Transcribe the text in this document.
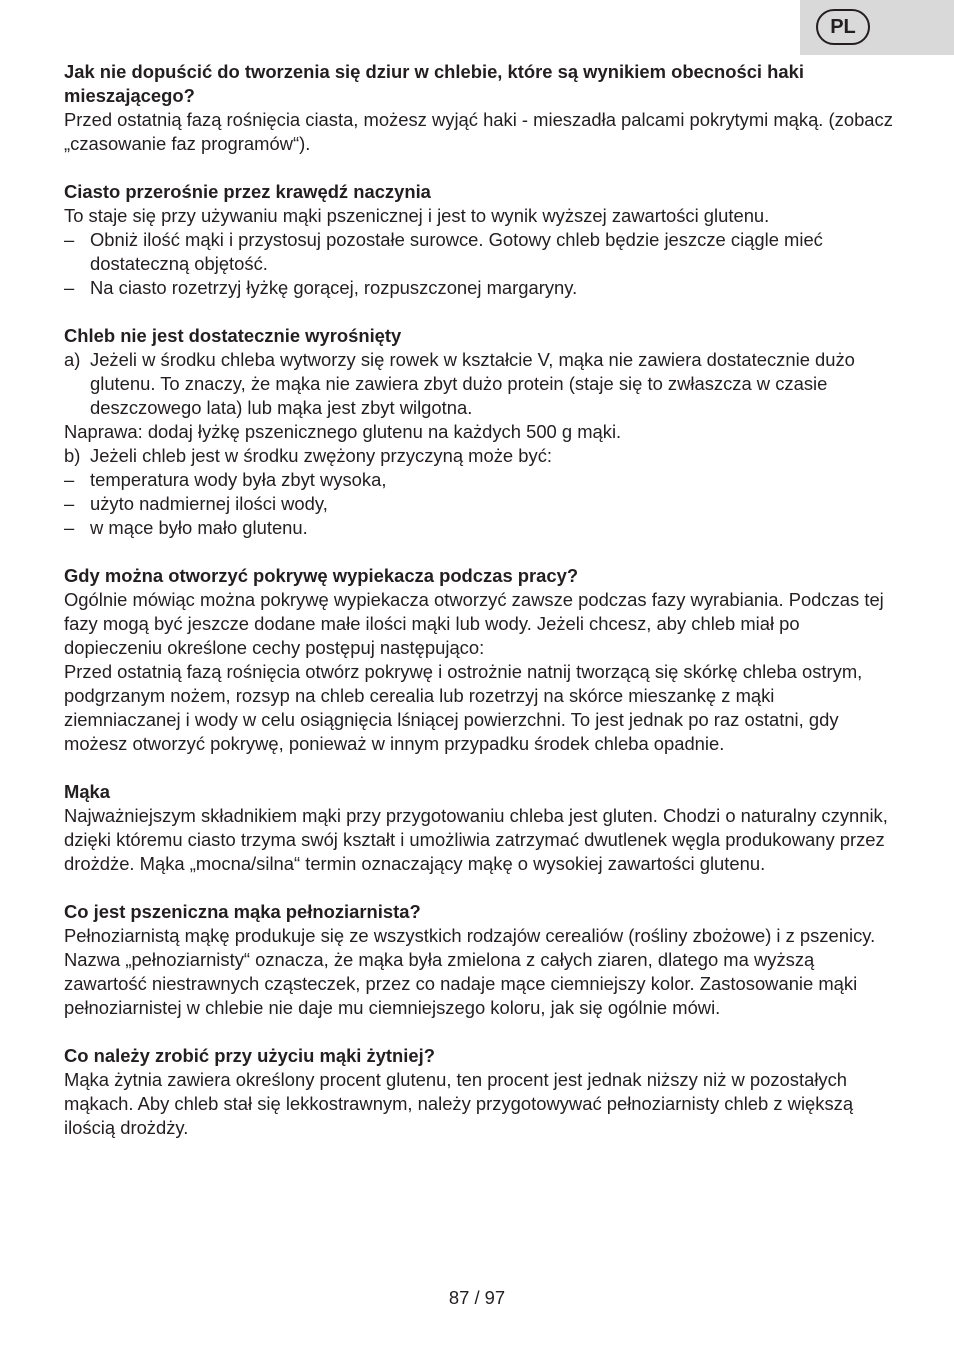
PL

Jak nie dopuścić do tworzenia się dziur w chlebie, które są wynikiem obecności haki mieszającego?

Przed ostatnią fazą rośnięcia ciasta, możesz wyjąć haki - mieszadła palcami pokrytymi mąką. (zobacz „czasowanie faz programów“).

Ciasto przerośnie przez krawędź naczynia

To staje się przy używaniu mąki pszenicznej i jest to wynik wyższej zawartości glutenu.

– Obniż ilość mąki i przystosuj pozostałe surowce. Gotowy chleb będzie jeszcze ciągle mieć dostateczną objętość.
– Na ciasto rozetrzyj łyżkę gorącej, rozpuszczonej margaryny.

Chleb nie jest dostatecznie wyrośnięty

a) Jeżeli w środku chleba wytworzy się rowek w kształcie V, mąka nie zawiera dostatecznie dużo glutenu. To znaczy, że mąka nie zawiera zbyt dużo protein (staje się to zwłaszcza w czasie deszczowego lata) lub mąka jest zbyt wilgotna.

Naprawa: dodaj łyżkę pszenicznego glutenu na każdych 500 g mąki.

b) Jeżeli chleb jest w środku zwężony przyczyną może być:
– temperatura wody była zbyt wysoka,
– użyto nadmiernej ilości wody,
– w mące było mało glutenu.

Gdy można otworzyć pokrywę wypiekacza podczas pracy?

Ogólnie mówiąc można pokrywę wypiekacza otworzyć zawsze podczas fazy wyrabiania. Podczas tej fazy mogą być jeszcze dodane małe ilości mąki lub wody. Jeżeli chcesz, aby chleb miał po dopieczeniu określone cechy postępuj następująco:

Przed ostatnią fazą rośnięcia otwórz pokrywę i ostrożnie natnij tworzącą się skórkę chleba ostrym, podgrzanym nożem, rozsyp na chleb cerealia lub rozetrzyj na skórce mieszankę z mąki ziemniaczanej i wody w celu osiągnięcia lśniącej powierzchni. To jest jednak po raz ostatni, gdy możesz otworzyć pokrywę, ponieważ w innym przypadku środek chleba opadnie.

Mąka

Najważniejszym składnikiem mąki przy przygotowaniu chleba jest gluten. Chodzi o naturalny czynnik, dzięki któremu ciasto trzyma swój kształt i umożliwia zatrzymać dwutlenek węgla produkowany przez drożdże. Mąka „mocna/silna“ termin oznaczający mąkę o wysokiej zawartości glutenu.

Co jest pszeniczna mąka pełnoziarnista?

Pełnoziarnistą mąkę produkuje się ze wszystkich rodzajów cerealiów (rośliny zbożowe) i z pszenicy. Nazwa „pełnoziarnisty“ oznacza, że mąka była zmielona z całych ziaren, dlatego ma wyższą zawartość niestrawnych cząsteczek, przez co nadaje mące ciemniejszy kolor. Zastosowanie mąki pełnoziarnistej w chlebie nie daje mu ciemniejszego koloru, jak się ogólnie mówi.

Co należy zrobić przy użyciu mąki żytniej?

Mąka żytnia zawiera określony procent glutenu, ten procent jest jednak niższy niż w pozostałych mąkach. Aby chleb stał się lekkostrawnym, należy przygotowywać pełnoziarnisty chleb z większą ilością drożdży.

87 / 97
